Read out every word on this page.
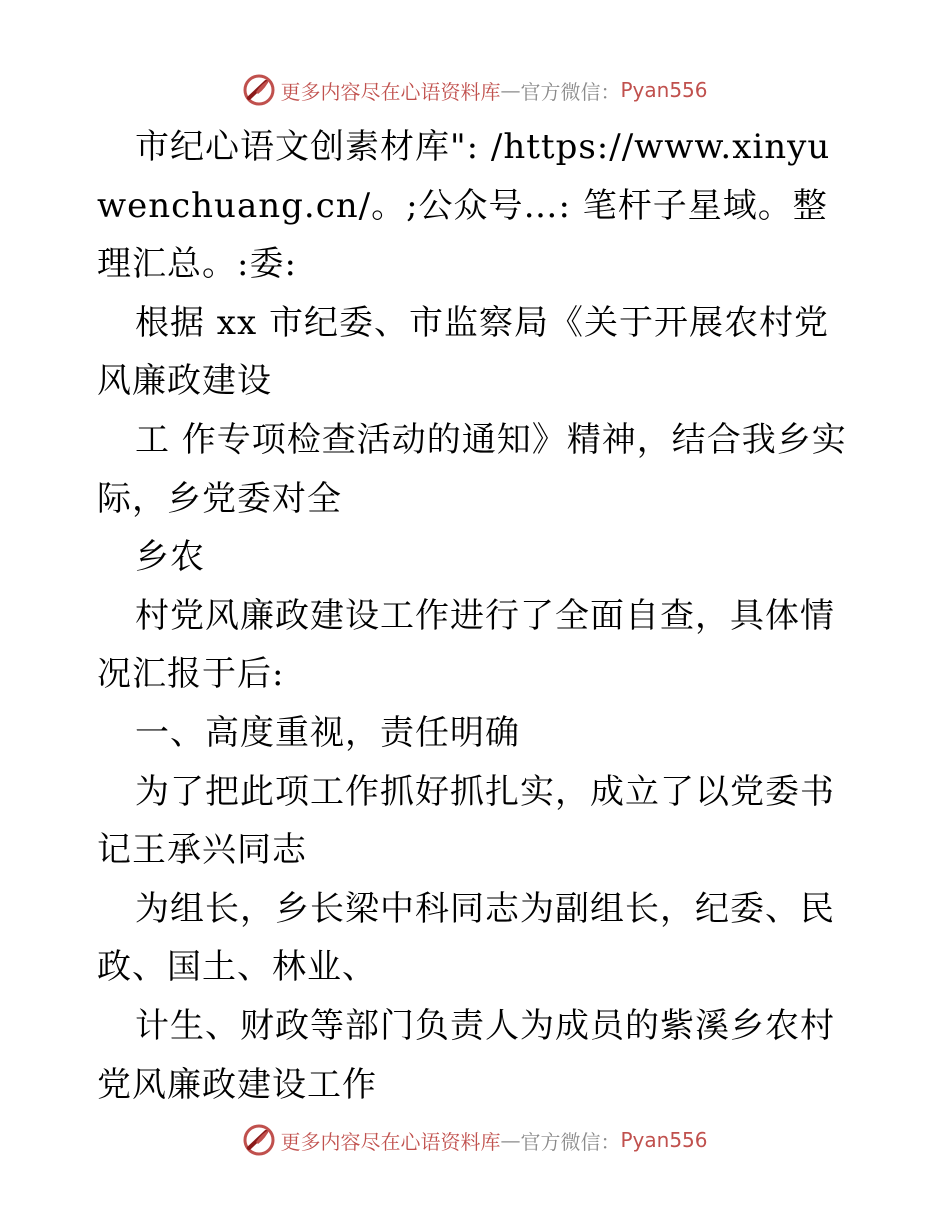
更多内容尽在心语资料库 — 官方微信： Pyan556

市纪心语文创素材库": /https://www.xinyuwenchuang.cn/。;公众号…: 笔杆子星域。整理汇总。:委:

根据 xx 市纪委、市监察局《关于开展农村党风廉政建设

工 作专项检查活动的通知》精神，结合我乡实际，乡党委对全

乡农

村党风廉政建设工作进行了全面自查，具体情况汇报于后:

一、高度重视，责任明确

为了把此项工作抓好抓扎实，成立了以党委书记王承兴同志

为组长，乡长梁中科同志为副组长，纪委、民政、国土、林业、

计生、财政等部门负责人为成员的紫溪乡农村党风廉政建设工作

更多内容尽在心语资料库 — 官方微信： Pyan556
